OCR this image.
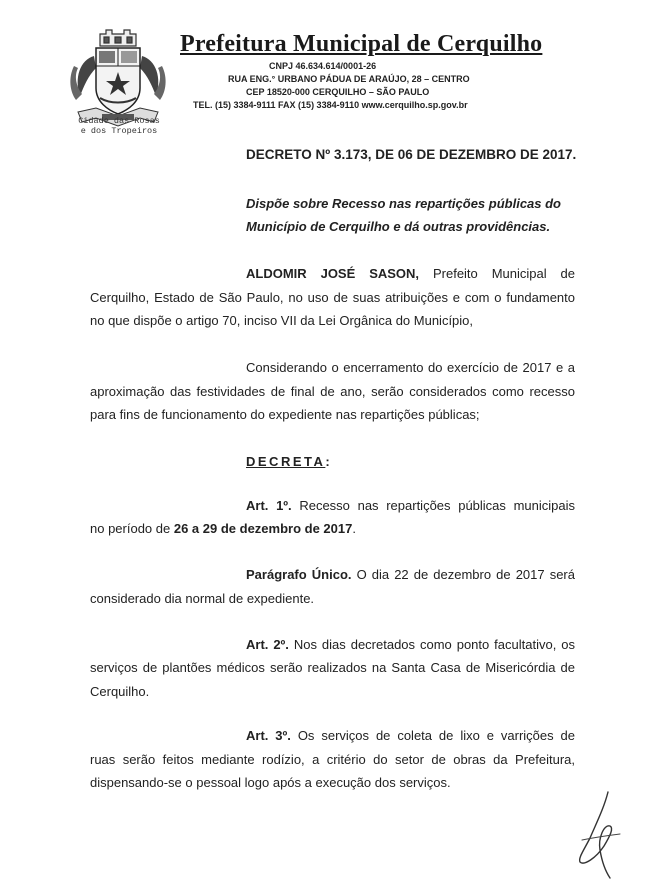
Cidade das Rosas
e dos Tropeiros
Prefeitura Municipal de Cerquilho
CNPJ 46.634.614/0001-26
RUA ENG.° URBANO PÁDUA DE ARAÚJO, 28 – CENTRO
CEP 18520-000 CERQUILHO – SÃO PAULO
TEL. (15) 3384-9111 FAX (15) 3384-9110 www.cerquilho.sp.gov.br
DECRETO Nº 3.173, DE 06 DE DEZEMBRO DE 2017.
Dispõe sobre Recesso nas repartições públicas do
Município de Cerquilho e dá outras providências.
ALDOMIR JOSÉ SASON, Prefeito Municipal de
Cerquilho, Estado de São Paulo, no uso de suas atribuições e com o fundamento
no que dispõe o artigo 70, inciso VII da Lei Orgânica do Município,
Considerando o encerramento do exercício de 2017 e a
aproximação das festividades de final de ano, serão considerados como recesso
para fins de funcionamento do expediente nas repartições públicas;
DECRETA:
Art. 1º. Recesso nas repartições públicas municipais
no período de 26 a 29 de dezembro de 2017.
Parágrafo Único. O dia 22 de dezembro de 2017 será
considerado dia normal de expediente.
Art. 2º. Nos dias decretados como ponto facultativo, os
serviços de plantões médicos serão realizados na Santa Casa de Misericórdia de
Cerquilho.
Art. 3º. Os serviços de coleta de lixo e varrições de
ruas serão feitos mediante rodízio, a critério do setor de obras da Prefeitura,
dispensando-se o pessoal logo após a execução dos serviços.
